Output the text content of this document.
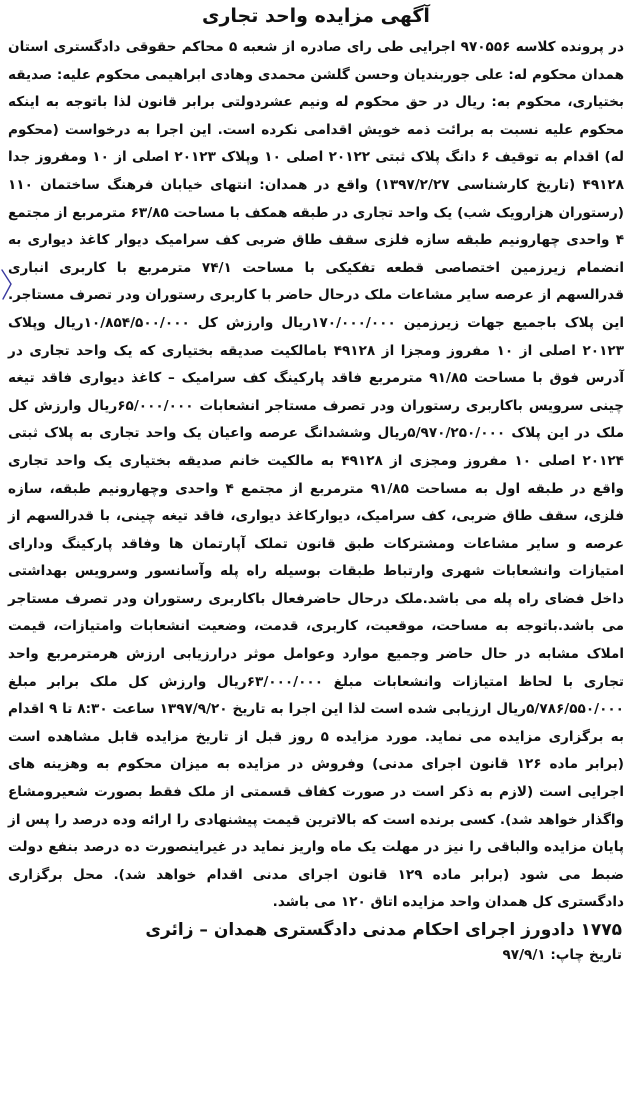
آگهی مزایده واحد تجاری

در پرونده کلاسه ۹۷۰۵۵۶ اجرایی طی رای صادره از شعبه ۵ محاکم حقوقی دادگستری استان همدان محکوم له: علی جوربندیان وحسن گلشن محمدی وهادی ابراهیمی محکوم علیه: صدیقه بختیاری، محکوم به: ریال در حق محکوم له ونیم عشردولتی برابر قانون لذا باتوجه به اینکه محکوم علیه نسبت به برائت ذمه خویش اقدامی نکرده است. این اجرا به درخواست (محکوم له) اقدام به توقیف ۶ دانگ پلاک ثبتی ۲۰۱۲۲ اصلی ۱۰ وپلاک ۲۰۱۲۳ اصلی از ۱۰ ومفروز جدا ۴۹۱۲۸ (تاریخ کارشناسی ۱۳۹۷/۲/۲۷) واقع در همدان: انتهای خیابان فرهنگ ساختمان ۱۱۰ (رستوران هزارویک شب) یک واحد تجاری در طبقه همکف با مساحت ۶۳/۸۵ مترمربع از مجتمع ۴ واحدی چهارونیم طبقه سازه فلزی سقف طاق ضربی کف سرامیک دیوار کاغذ دیواری به انضمام زیرزمین اختصاصی قطعه تفکیکی با مساحت ۷۴/۱ مترمربع با کاربری انباری قدرالسهم از عرصه سایر مشاعات ملک درحال حاضر با کاربری رستوران ودر تصرف مستاجر. این پلاک باجمیع جهات زیرزمین ۱۷۰/۰۰۰/۰۰۰ریال وارزش کل ۱۰/۸۵۴/۵۰۰/۰۰۰ریال وپلاک ۲۰۱۲۳ اصلی از ۱۰ مفروز ومجزا از ۴۹۱۲۸ بامالکیت صدیقه بختیاری که یک واحد تجاری در آدرس فوق با مساحت ۹۱/۸۵ مترمربع فاقد پارکینگ کف سرامیک – کاغذ دیواری فاقد تیغه چینی سرویس باکاربری رستوران ودر تصرف مستاجر انشعابات ۶۵/۰۰۰/۰۰۰ریال وارزش کل ملک در این پلاک ۵/۹۷۰/۲۵۰/۰۰۰ریال وششدانگ عرصه واعیان یک واحد تجاری به پلاک ثبتی ۲۰۱۲۴ اصلی ۱۰ مفروز ومجزی از ۴۹۱۲۸ به مالکیت خانم صدیقه بختیاری یک واحد تجاری واقع در طبقه اول به مساحت ۹۱/۸۵ مترمربع از مجتمع ۴ واحدی وچهارونیم طبقه، سازه فلزی، سقف طاق ضربی، کف سرامیک، دیوارکاغذ دیواری، فاقد تیغه چینی، با قدرالسهم از عرصه و سایر مشاعات ومشترکات طبق قانون تملک آپارتمان ها وفاقد پارکینگ ودارای امتیازات وانشعابات شهری وارتباط طبقات بوسیله راه پله وآسانسور وسرویس بهداشتی داخل فضای راه پله می باشد.ملک درحال حاضرفعال باکاربری رستوران ودر تصرف مستاجر می باشد.باتوجه به مساحت، موقعیت، کاربری، قدمت، وضعیت انشعابات وامتیازات، قیمت املاک مشابه در حال حاضر وجمیع موارد وعوامل موثر درارزیابی ارزش هرمترمربع واحد تجاری با لحاظ امتیازات وانشعابات مبلغ ۶۳/۰۰۰/۰۰۰ریال وارزش کل ملک برابر مبلغ ۵/۷۸۶/۵۵۰/۰۰۰ریال ارزیابی شده است لذا این اجرا به تاریخ ۱۳۹۷/۹/۲۰ ساعت ۸:۳۰ تا ۹ اقدام به برگزاری مزایده می نماید. مورد مزایده ۵ روز قبل از تاریخ مزایده قابل مشاهده است (برابر ماده ۱۲۶ قانون اجرای مدنی) وفروش در مزایده به میزان محکوم به وهزینه های اجرایی است (لازم به ذکر است در صورت کفاف قسمتی از ملک فقط بصورت شعیرومشاع واگذار خواهد شد). کسی برنده است که بالاترین قیمت پیشنهادی را ارائه وده درصد را پس از پایان مزایده والباقی را نیز در مهلت یک ماه واریز نماید در غیراینصورت ده درصد بنفع دولت ضبط می شود (برابر ماده ۱۲۹ قانون اجرای مدنی اقدام خواهد شد). محل برگزاری دادگستری کل همدان واحد مزایده اتاق ۱۲۰ می باشد.

۱۷۷۵ دادورز اجرای احکام مدنی دادگستری همدان – زائری

تاریخ چاپ: ۹۷/۹/۱
